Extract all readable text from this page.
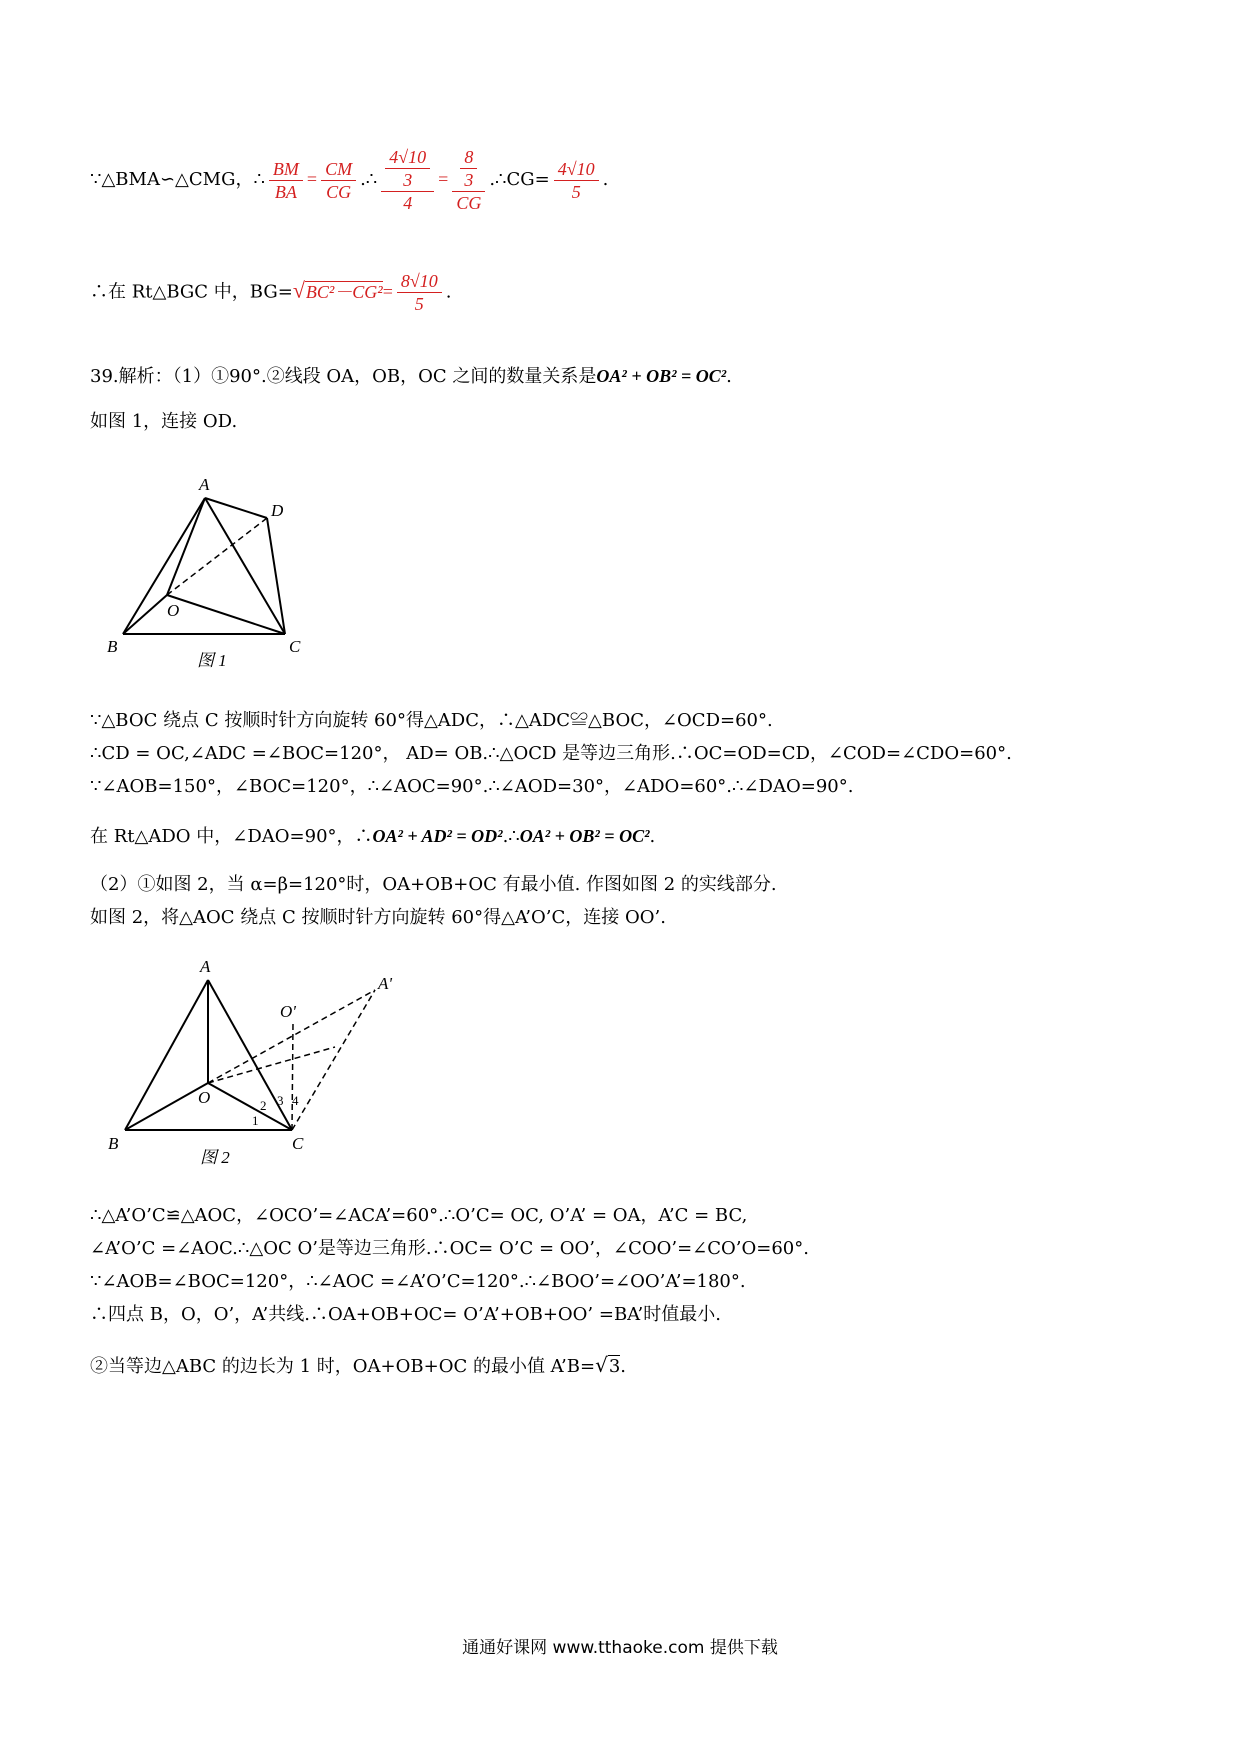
∵△BMA∽△CMG，∴ $\frac{BM}{BA} = \frac{CM}{CG}$ .∴ $\frac{\frac{4√10}{3}}{4} = \frac{\frac{8}{3}}{CG}$ .∴CG= $\frac{4√10}{5}$ .
∴在 Rt△BGC 中，$BG=√BC^2-CG^2= \frac{8√10}{5}$ .
39.解析：（1）①90°.②线段 OA，OB，OC 之间的数量关系是OA² + OB² = OC².
如图 1，连接 OD.
A
D
O
B	C
图 1
∵△BOC 绕点 C 按顺时针方向旋转 60°得△ADC，∴△ADC≌△BOC，∠OCD=60°.
∴CD = OC,∠ADC =∠BOC=120°， AD= OB.∴△OCD 是等边三角形.∴OC=OD=CD，∠COD=∠CDO=60°.
∵∠AOB=150°，∠BOC=120°，∴∠AOC=90°.∴∠AOD=30°，∠ADO=60°.∴∠DAO=90°.
在 Rt△ADO 中，∠DAO=90°，∴OA² + AD² = OD².∴OA² + OB² = OC².
（2）①如图 2，当 α=β=120°时，OA+OB+OC 有最小值. 作图如图 2 的实线部分.
如图 2，将△AOC 绕点 C 按顺时针方向旋转 60°得△A’O’C，连接 OO’.
A
A'
O'
O
B	C
1
2 3 4
图 2
∴△A’O’C≌△AOC，∠OCO’=∠ACA’=60°.∴O’C= OC, O’A’ = OA，A’C = BC,
∠A’O’C =∠AOC.∴△OC O’是等边三角形.∴OC= O’C = OO’，∠COO’=∠CO’O=60°.
∵∠AOB=∠BOC=120°，∴∠AOC =∠A’O’C=120°.∴∠BOO’=∠OO’A’=180°.
∴四点 B，O，O’，A’共线.∴OA+OB+OC= O’A’+OB+OO’ =BA’时值最小.
②当等边△ABC 的边长为 1 时，OA+OB+OC 的最小值 A’B=√3.
通通好课网 www.tthaoke.com 提供下载
